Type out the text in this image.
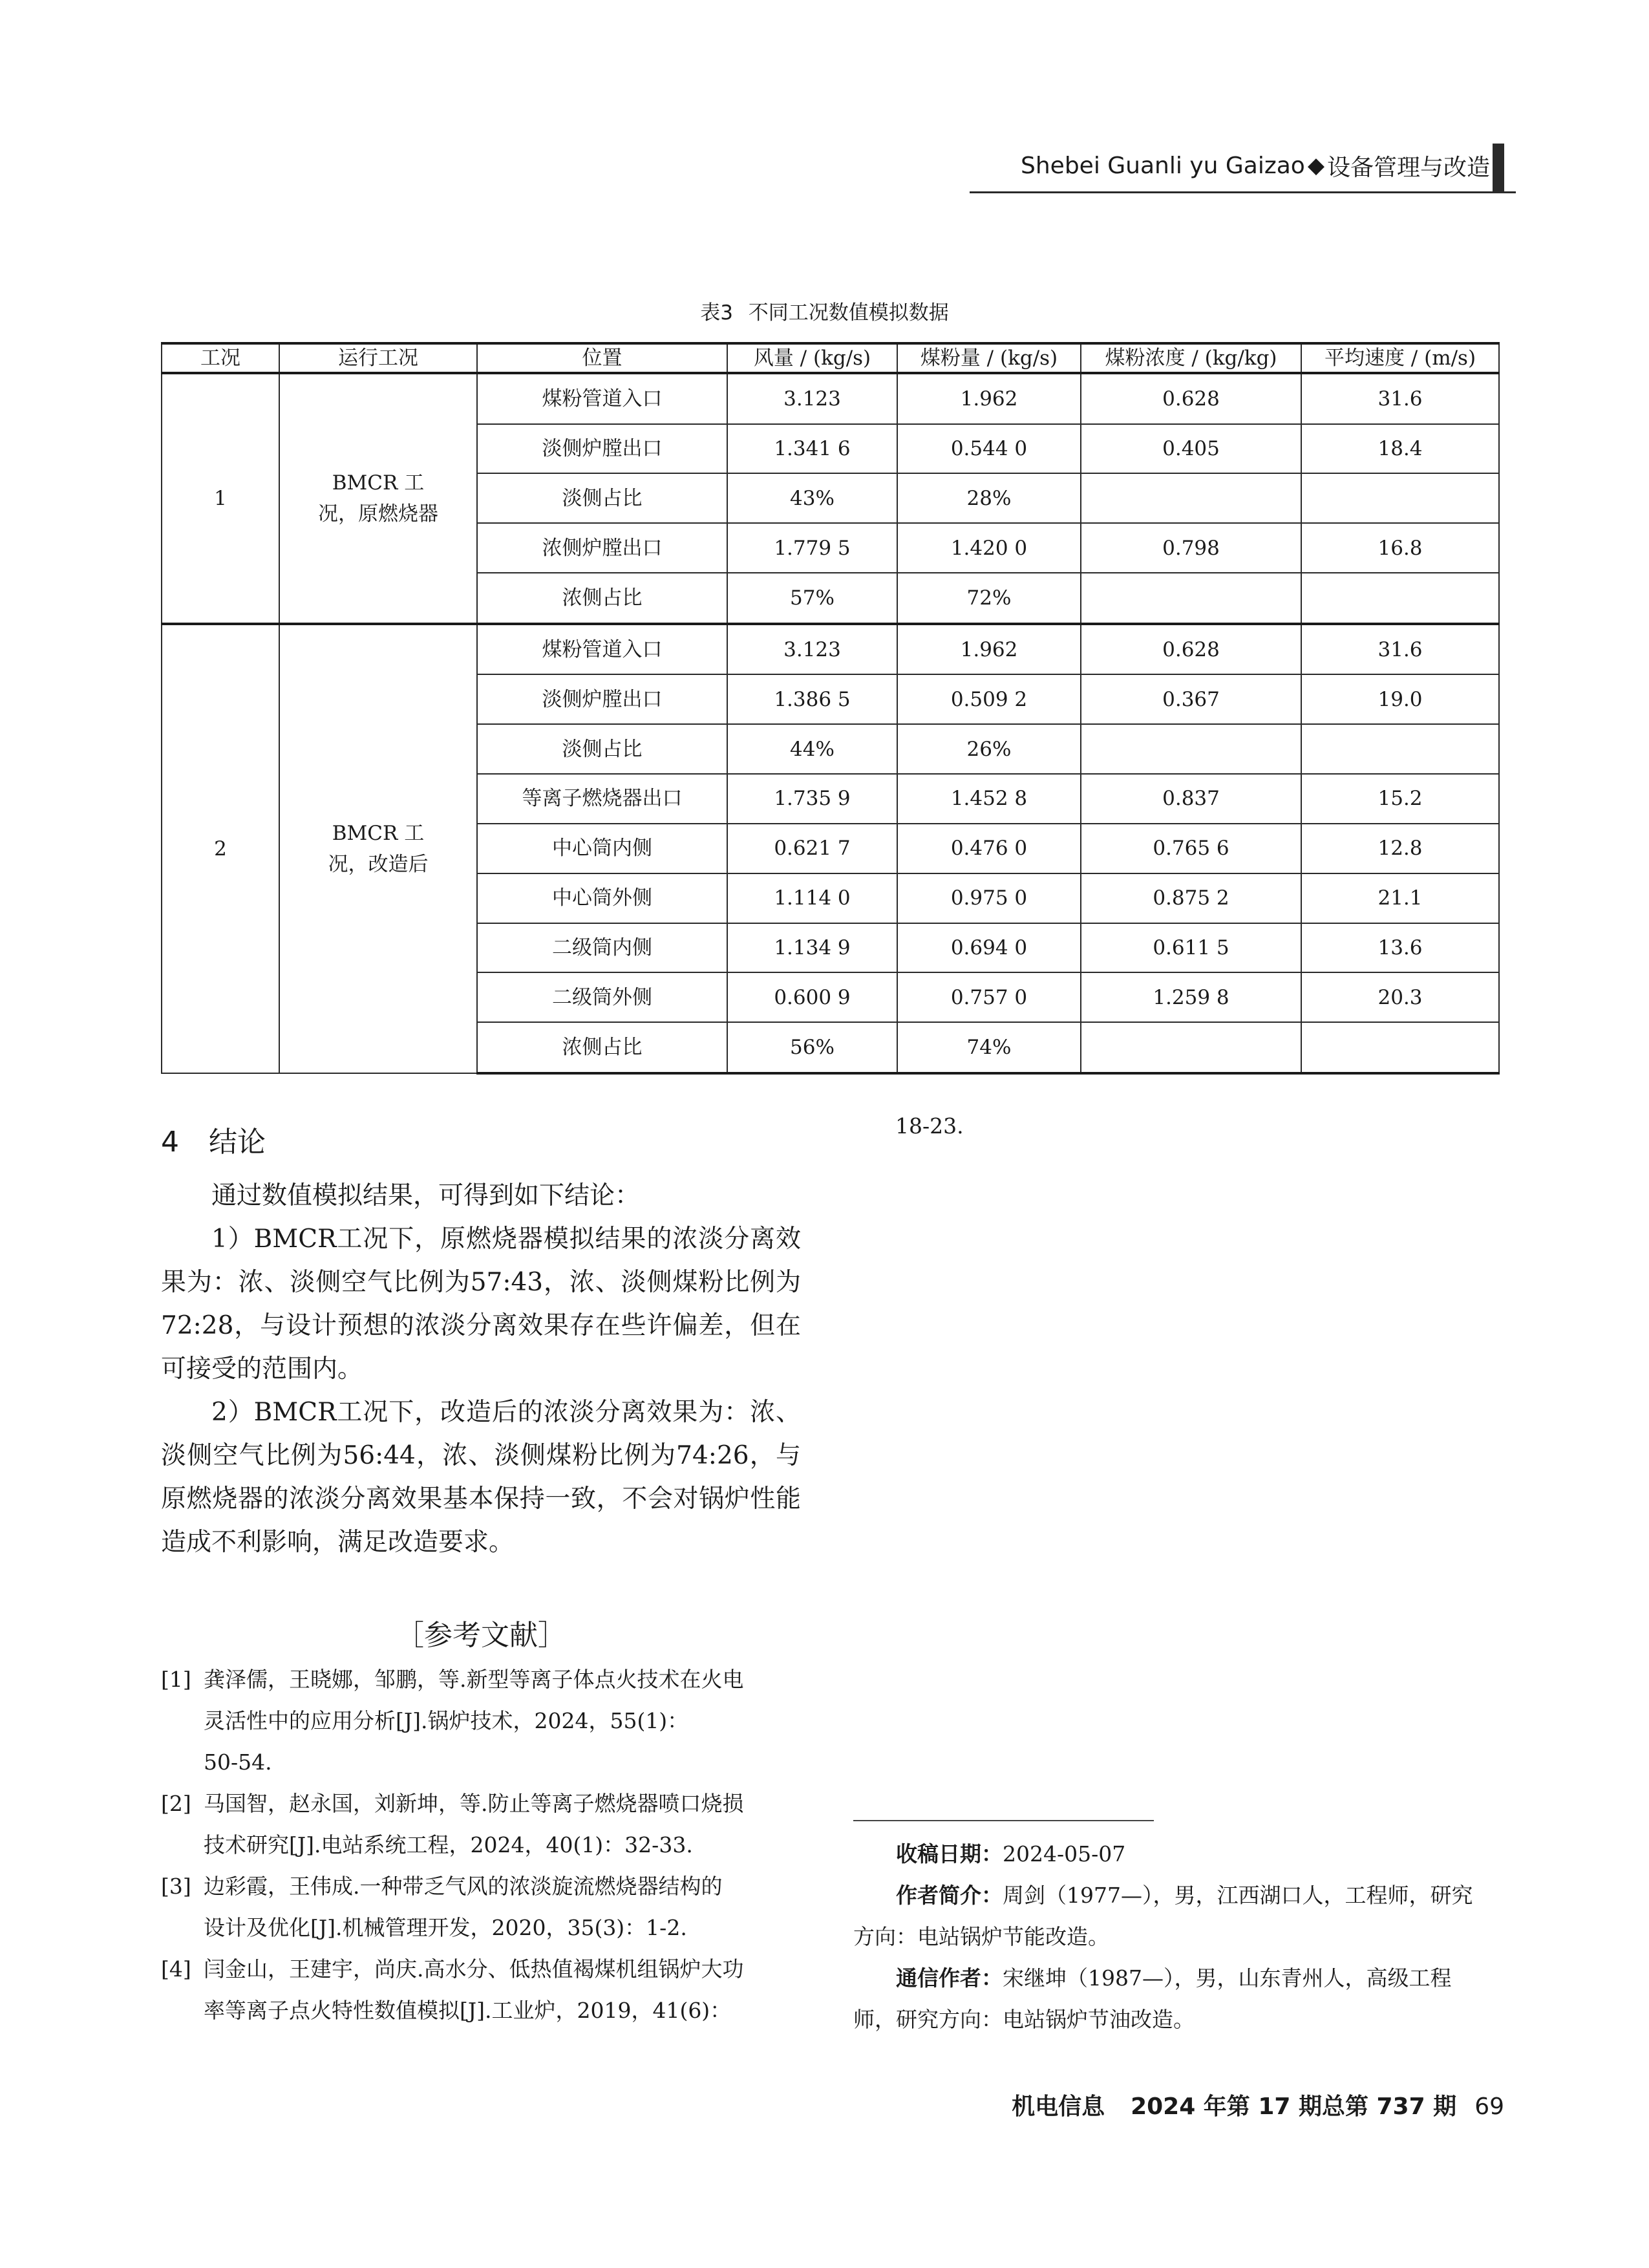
Shebei Guanli yu Gaizao ◆ 设备管理与改造
表3 不同工况数值模拟数据
工况	运行工况	位置	风量 / (kg/s)	煤粉量 / (kg/s)	煤粉浓度 / (kg/kg)	平均速度 / (m/s)
1	BMCR 工况，原燃烧器	煤粉管道入口	3.123	1.962	0.628	31.6
		淡侧炉膛出口	1.341 6	0.544 0	0.405	18.4
		淡侧占比	43%	28%		
		浓侧炉膛出口	1.779 5	1.420 0	0.798	16.8
		浓侧占比	57%	72%		
2	BMCR 工况，改造后	煤粉管道入口	3.123	1.962	0.628	31.6
		淡侧炉膛出口	1.386 5	0.509 2	0.367	19.0
		淡侧占比	44%	26%		
		等离子燃烧器出口	1.735 9	1.452 8	0.837	15.2
		中心筒内侧	0.621 7	0.476 0	0.765 6	12.8
		中心筒外侧	1.114 0	0.975 0	0.875 2	21.1
		二级筒内侧	1.134 9	0.694 0	0.611 5	13.6
		二级筒外侧	0.600 9	0.757 0	1.259 8	20.3
		浓侧占比	56%	74%		
4 结论
通过数值模拟结果，可得到如下结论：
1）BMCR工况下，原燃烧器模拟结果的浓淡分离效果为：浓、淡侧空气比例为57:43，浓、淡侧煤粉比例为72:28，与设计预想的浓淡分离效果存在些许偏差，但在可接受的范围内。
2）BMCR工况下，改造后的浓淡分离效果为：浓、淡侧空气比例为56:44，浓、淡侧煤粉比例为74:26，与原燃烧器的浓淡分离效果基本保持一致，不会对锅炉性能造成不利影响，满足改造要求。
［参考文献］
[1] 龚泽儒，王晓娜，邹鹏，等.新型等离子体点火技术在火电
灵活性中的应用分析[J].锅炉技术，2024，55(1)：
50-54.
[2] 马国智，赵永国，刘新坤，等.防止等离子燃烧器喷口烧损
技术研究[J].电站系统工程，2024，40(1)：32-33.
[3] 边彩霞，王伟成.一种带乏气风的浓淡旋流燃烧器结构的
设计及优化[J].机械管理开发，2020，35(3)：1-2.
[4] 闫金山，王建宇，尚庆.高水分、低热值褐煤机组锅炉大功
率等离子点火特性数值模拟[J].工业炉，2019，41(6)：
18-23.
收稿日期：2024-05-07
作者简介：周剑（1977—），男，江西湖口人，工程师，研究
方向：电站锅炉节能改造。
通信作者：宋继坤（1987—），男，山东青州人，高级工程
师，研究方向：电站锅炉节油改造。
机电信息 2024 年第 17 期总第 737 期 69
